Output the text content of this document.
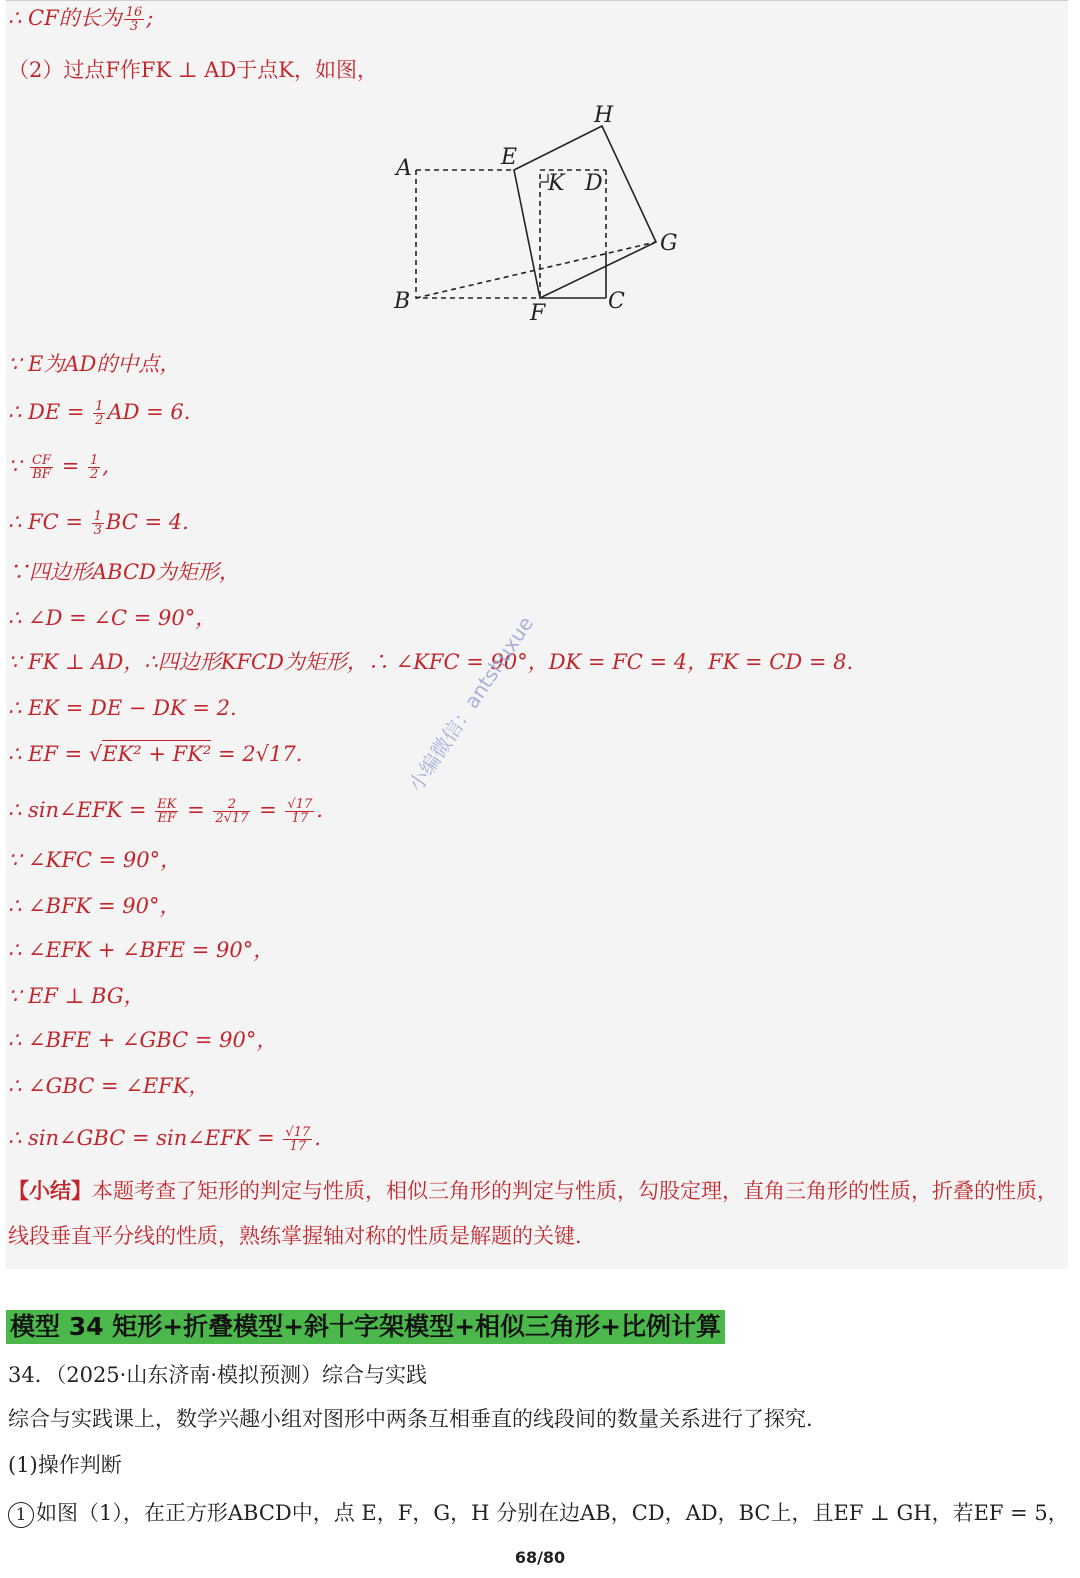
∴ CF的长为 $\frac{16}{3}$ ;
（2）过点F作FK ⊥ AD于点K，如图，
A
B	C
D
E
F
G
H
K
∵ E为AD的中点，
∴ DE = $\frac{1}{2}$ AD = 6.
∵ $\frac{CF}{BF} = \frac{1}{2}$ ,
∴ FC = $\frac{1}{3}$ BC = 4.
∵四边形ABCD为矩形，
∴ ∠D = ∠C = 90°，
∵ FK ⊥ AD，∴四边形KFCD为矩形，∴ ∠KFC = 90°，DK = FC = 4，FK = CD = 8.
∴ EK = DE − DK = 2.
∴ EF = √EK² + FK² = 2√17.
∴ sin∠EFK = $\frac{EK}{EF} = \frac{2}{2√17} = \frac{√17}{17}$ .
∵ ∠KFC = 90°，
∴ ∠BFK = 90°，
∴ ∠EFK + ∠BFE = 90°，
∵ EF ⊥ BG，
∴ ∠BFE + ∠GBC = 90°，
∴ ∠GBC = ∠EFK，
∴ sin∠GBC = sin∠EFK = $\frac{√17}{17}$ .
【小结】本题考查了矩形的判定与性质，相似三角形的判定与性质，勾股定理，直角三角形的性质，折叠的性质，线段垂直平分线的性质，熟练掌握轴对称的性质是解题的关键.
小编微信：antshuxue
模型 34 矩形+折叠模型+斜十字架模型+相似三角形+比例计算
34．（2025·山东济南·模拟预测）综合与实践
综合与实践课上，数学兴趣小组对图形中两条互相垂直的线段间的数量关系进行了探究.
(1)操作判断
1 如图（1），在正方形ABCD中，点 E，F，G，H 分别在边AB，CD，AD，BC上，且EF ⊥ GH，若EF = 5，
68/80
